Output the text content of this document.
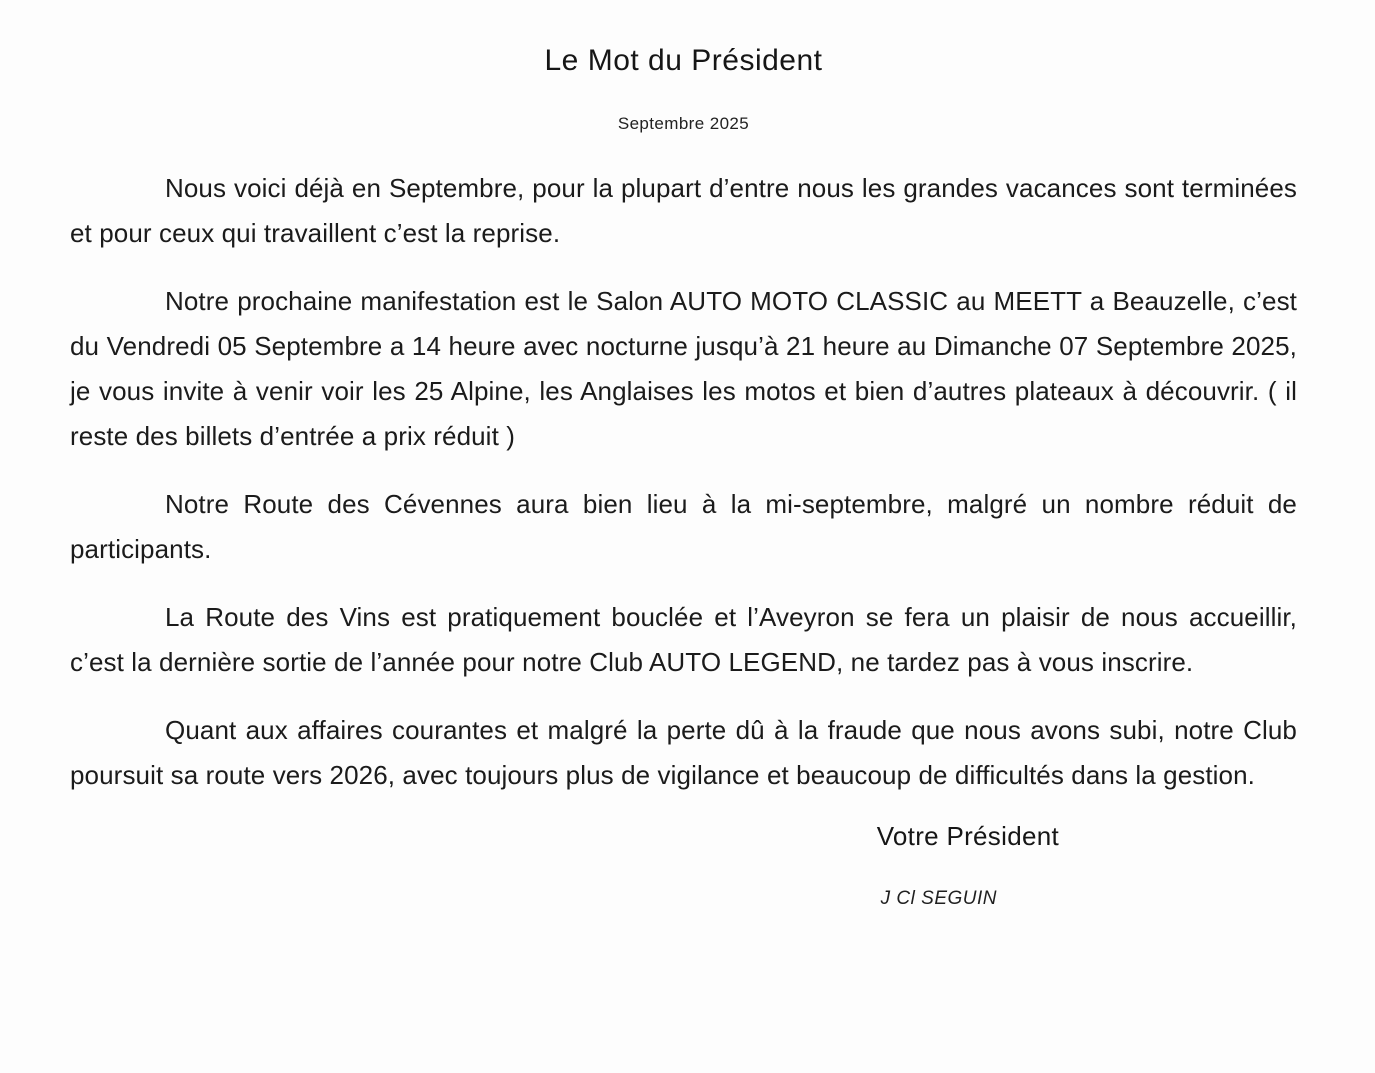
Le Mot du Président
Septembre 2025

Nous voici déjà en Septembre, pour la plupart d’entre nous les grandes vacances sont terminées et pour ceux qui travaillent c’est la reprise.

Notre prochaine manifestation est le Salon AUTO MOTO CLASSIC au MEETT a Beauzelle, c’est du Vendredi 05 Septembre a 14 heure avec nocturne jusqu’à 21 heure au Dimanche 07 Septembre 2025, je vous invite à venir voir les 25 Alpine, les Anglaises les motos et bien d’autres plateaux à découvrir. ( il reste des billets d’entrée a prix réduit )

Notre Route des Cévennes aura bien lieu à la mi-septembre, malgré un nombre réduit de participants.

La Route des Vins est pratiquement bouclée et l’Aveyron se fera un plaisir de nous accueillir, c’est la dernière sortie de l’année pour notre Club AUTO LEGEND, ne tardez pas à vous inscrire.

Quant aux affaires courantes et malgré la perte dû à la fraude que nous avons subi, notre Club poursuit sa route vers 2026, avec toujours plus de vigilance et beaucoup de difficultés dans la gestion.

Votre Président
J Cl SEGUIN
